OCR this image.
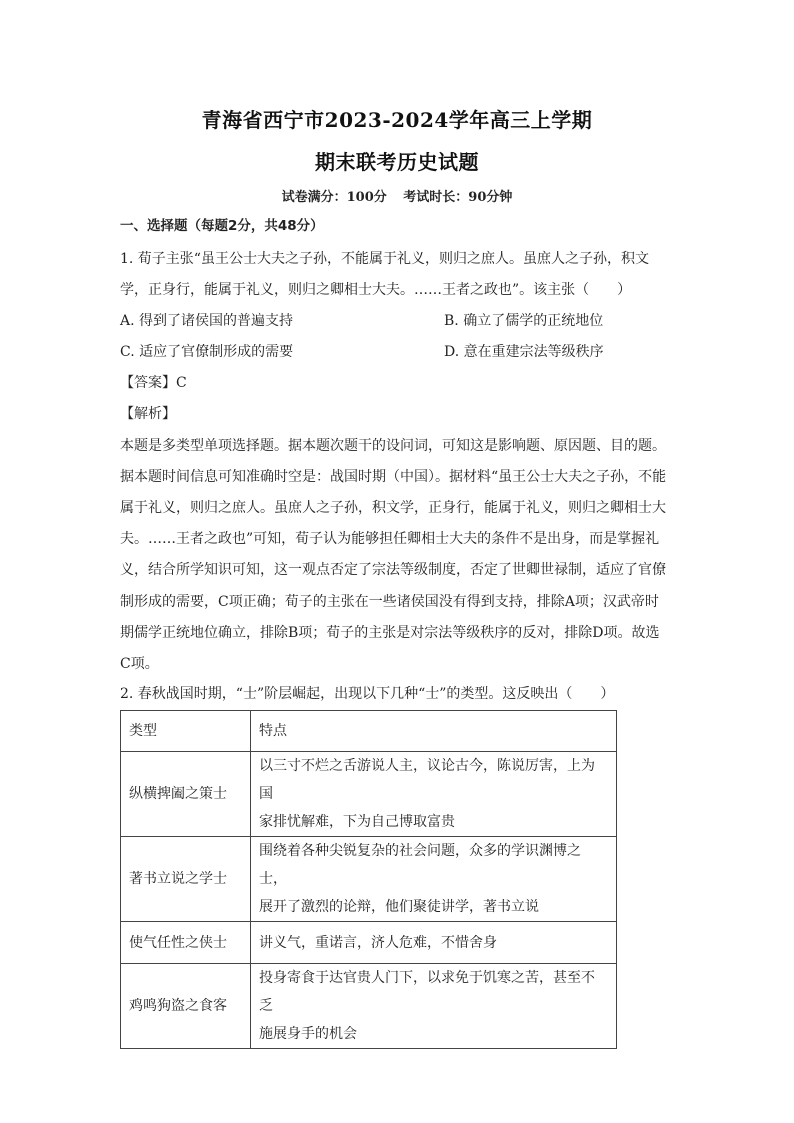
青海省西宁市2023-2024学年高三上学期
期末联考历史试题
试卷满分：100分 考试时长：90分钟
一、选择题（每题2分，共48分）
1. 荀子主张“虽王公士大夫之子孙，不能属于礼义，则归之庶人。虽庶人之子孙，积文
学，正身行，能属于礼义，则归之卿相士大夫。……王者之政也”。该主张（　　）
A. 得到了诸侯国的普遍支持	B. 确立了儒学的正统地位
C. 适应了官僚制形成的需要	D. 意在重建宗法等级秩序
【答案】C
【解析】
本题是多类型单项选择题。据本题次题干的设问词，可知这是影响题、原因题、目的题。
据本题时间信息可知准确时空是：战国时期（中国）。据材料“虽王公士大夫之子孙，不能
属于礼义，则归之庶人。虽庶人之子孙，积文学，正身行，能属于礼义，则归之卿相士大
夫。……王者之政也”可知，荀子认为能够担任卿相士大夫的条件不是出身，而是掌握礼
义，结合所学知识可知，这一观点否定了宗法等级制度，否定了世卿世禄制，适应了官僚
制形成的需要，C项正确；荀子的主张在一些诸侯国没有得到支持，排除A项；汉武帝时
期儒学正统地位确立，排除B项；荀子的主张是对宗法等级秩序的反对，排除D项。故选
C项。
2. 春秋战国时期，“士”阶层崛起，出现以下几种“士”的类型。这反映出（　　）
类型	特点
纵横捭阖之策士	以三寸不烂之舌游说人主，议论古今，陈说厉害，上为国
家排忧解难，下为自己博取富贵

著书立说之学士	围绕着各种尖锐复杂的社会问题，众多的学识渊博之士，
展开了激烈的论辩，他们聚徒讲学，著书立说

使气任性之侠士	讲义气，重诺言，济人危难，不惜舍身

鸡鸣狗盗之食客	投身寄食于达官贵人门下，以求免于饥寒之苦，甚至不乏
施展身手的机会
